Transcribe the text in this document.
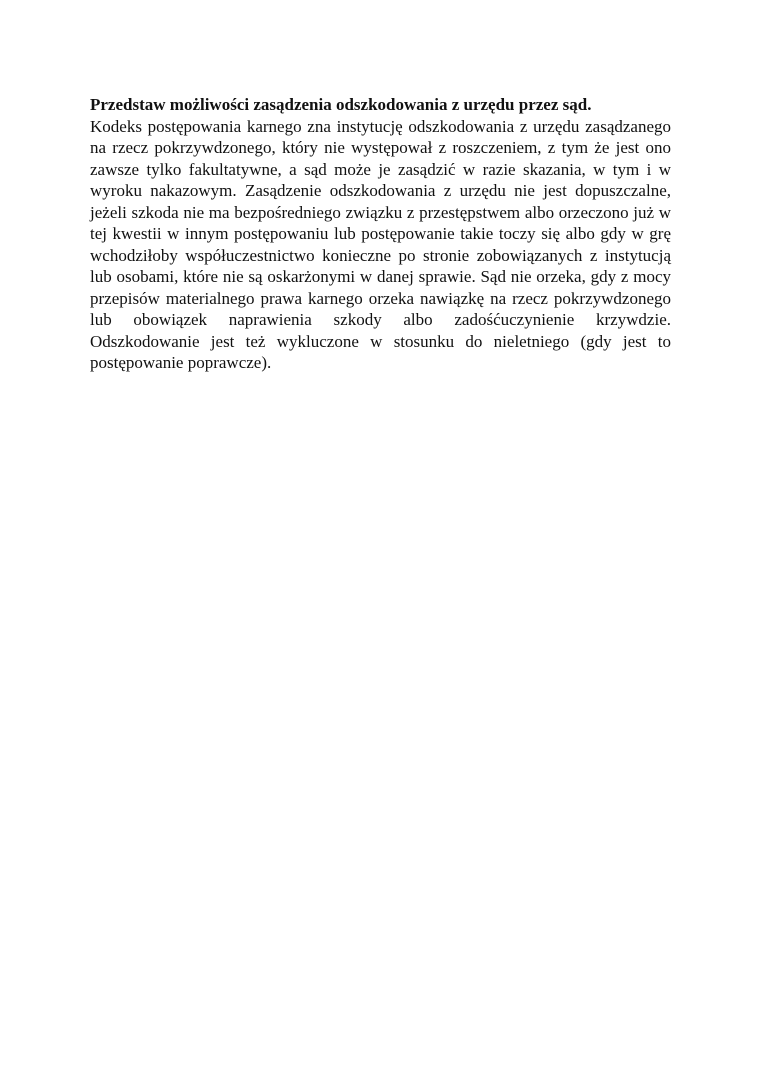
Przedstaw możliwości zasądzenia odszkodowania z urzędu przez sąd.

Kodeks postępowania karnego zna instytucję odszkodowania z urzędu zasądzanego na rzecz pokrzywdzonego, który nie występował z roszczeniem, z tym że jest ono zawsze tylko fakultatywne, a sąd może je zasądzić w razie skazania, w tym i w wyroku nakazowym. Zasądzenie odszkodowania z urzędu nie jest dopuszczalne, jeżeli szkoda nie ma bezpośredniego związku z przestępstwem albo orzeczono już w tej kwestii w innym postępowaniu lub postępowanie takie toczy się albo gdy w grę wchodziłoby współuczestnictwo konieczne po stronie zobowiązanych z instytucją lub osobami, które nie są oskarżonymi w danej sprawie. Sąd nie orzeka, gdy z mocy przepisów materialnego prawa karnego orzeka nawiązkę na rzecz pokrzywdzonego lub obowiązek naprawienia szkody albo zadośćuczynienie krzywdzie. Odszkodowanie jest też wykluczone w stosunku do nieletniego (gdy jest to postępowanie poprawcze).
